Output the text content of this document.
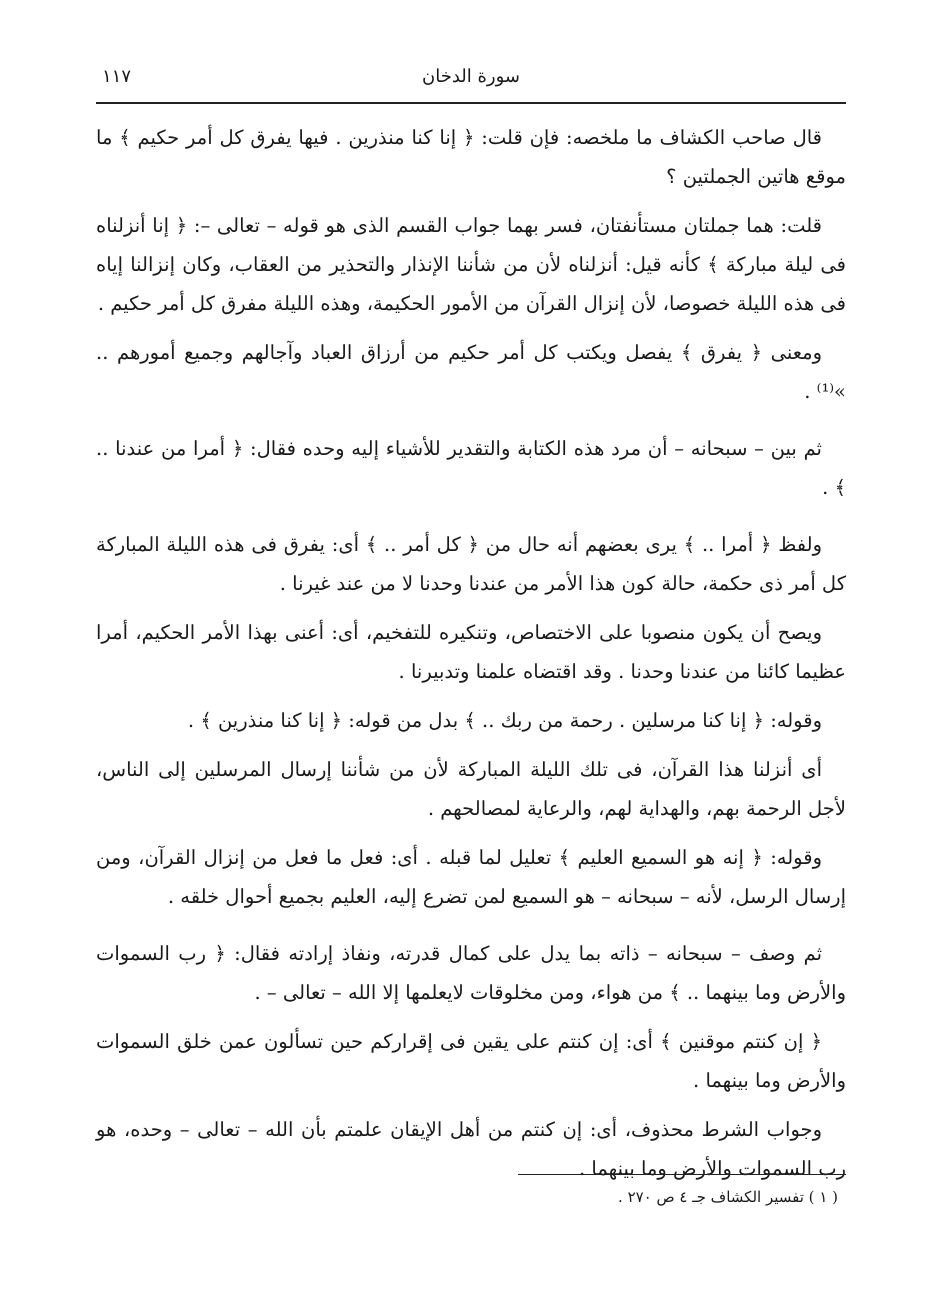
سورة الدخان
١١٧

قال صاحب الكشاف ما ملخصه: فإن قلت: ﴿ إنا كنا منذرين . فيها يفرق كل أمر حكيم ﴾ ما موقع هاتين الجملتين ؟

قلت: هما جملتان مستأنفتان، فسر بهما جواب القسم الذى هو قوله – تعالى –: ﴿ إنا أنزلناه فى ليلة مباركة ﴾ كأنه قيل: أنزلناه لأن من شأننا الإنذار والتحذير من العقاب، وكان إنزالنا إياه فى هذه الليلة خصوصا، لأن إنزال القرآن من الأمور الحكيمة، وهذه الليلة مفرق كل أمر حكيم .

ومعنى ﴿ يفرق ﴾ يفصل ويكتب كل أمر حكيم من أرزاق العباد وآجالهم وجميع أمورهم .. »⁽¹⁾ .

ثم بين – سبحانه – أن مرد هذه الكتابة والتقدير للأشياء إليه وحده فقال: ﴿ أمرا من عندنا .. ﴾ .

ولفظ ﴿ أمرا .. ﴾ يرى بعضهم أنه حال من ﴿ كل أمر .. ﴾ أى: يفرق فى هذه الليلة المباركة كل أمر ذى حكمة، حالة كون هذا الأمر من عندنا وحدنا لا من عند غيرنا .

ويصح أن يكون منصوبا على الاختصاص، وتنكيره للتفخيم، أى: أعنى بهذا الأمر الحكيم، أمرا عظيما كائنا من عندنا وحدنا . وقد اقتضاه علمنا وتدبيرنا .

وقوله: ﴿ إنا كنا مرسلين . رحمة من ربك .. ﴾ بدل من قوله: ﴿ إنا كنا منذرين ﴾ .

أى أنزلنا هذا القرآن، فى تلك الليلة المباركة لأن من شأننا إرسال المرسلين إلى الناس، لأجل الرحمة بهم، والهداية لهم، والرعاية لمصالحهم .

وقوله: ﴿ إنه هو السميع العليم ﴾ تعليل لما قبله . أى: فعل ما فعل من إنزال القرآن، ومن إرسال الرسل، لأنه – سبحانه – هو السميع لمن تضرع إليه، العليم بجميع أحوال خلقه .

ثم وصف – سبحانه – ذاته بما يدل على كمال قدرته، ونفاذ إرادته فقال: ﴿ رب السموات والأرض وما بينهما .. ﴾ من هواء، ومن مخلوقات لايعلمها إلا الله – تعالى – .

﴿ إن كنتم موقنين ﴾ أى: إن كنتم على يقين فى إقراركم حين تسألون عمن خلق السموات والأرض وما بينهما .

وجواب الشرط محذوف، أى: إن كنتم من أهل الإيقان علمتم بأن الله – تعالى – وحده، هو رب السموات والأرض وما بينهما .

( ١ ) تفسير الكشاف جـ ٤ ص ٢٧٠ .
